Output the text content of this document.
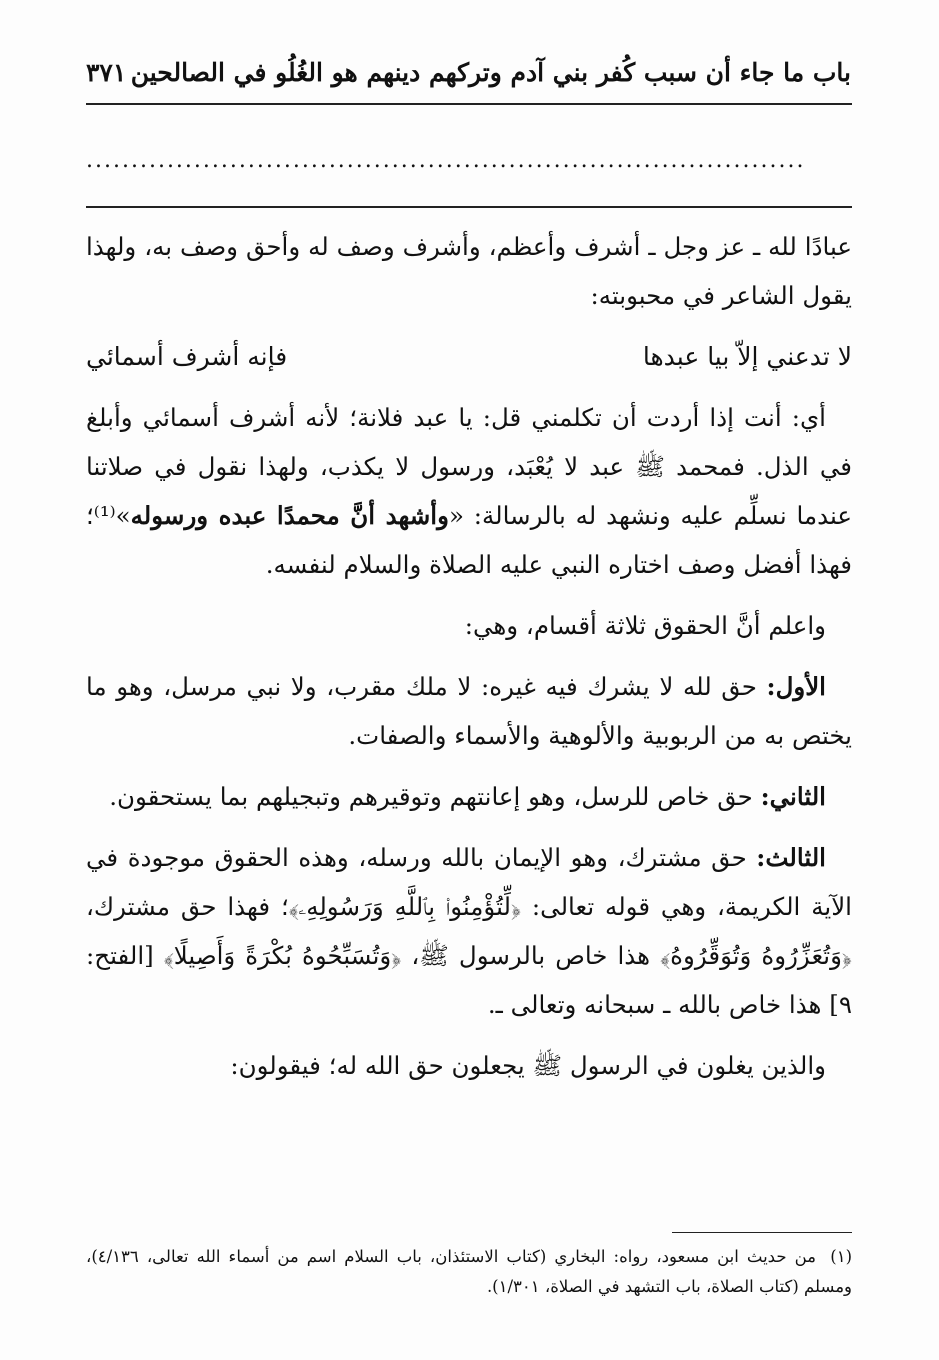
باب ما جاء أن سبب كُفر بني آدم وتركهم دينهم هو الغُلُو في الصالحين
٣٧١
................................................................................

عبادًا لله ـ عز وجل ـ أشرف وأعظم، وأشرف وصف له وأحق وصف به، ولهذا يقول الشاعر في محبوبته:

لا تدعني إلاّ بيا عبدها
فإنه أشرف أسمائي

أي: أنت إذا أردت أن تكلمني قل: يا عبد فلانة؛ لأنه أشرف أسمائي وأبلغ في الذل. فمحمد ﷺ عبد لا يُعْبَد، ورسول لا يكذب، ولهذا نقول في صلاتنا عندما نسلِّم عليه ونشهد له بالرسالة: «وأشهد أنَّ محمدًا عبده ورسوله»⁽¹⁾؛ فهذا أفضل وصف اختاره النبي عليه الصلاة والسلام لنفسه.

واعلم أنَّ الحقوق ثلاثة أقسام، وهي:

الأول: حق لله لا يشرك فيه غيره: لا ملك مقرب، ولا نبي مرسل، وهو ما يختص به من الربوبية والألوهية والأسماء والصفات.

الثاني: حق خاص للرسل، وهو إعانتهم وتوقيرهم وتبجيلهم بما يستحقون.

الثالث: حق مشترك، وهو الإيمان بالله ورسله، وهذه الحقوق موجودة في الآية الكريمة، وهي قوله تعالى: ﴿لِّتُؤْمِنُوا۟ بِٱللَّهِ وَرَسُولِهِۦ﴾؛ فهذا حق مشترك، ﴿وَتُعَزِّرُوهُ وَتُوَقِّرُوهُ﴾ هذا خاص بالرسول ﷺ، ﴿وَتُسَبِّحُوهُ بُكْرَةً وَأَصِيلًا﴾ [الفتح: ٩] هذا خاص بالله ـ سبحانه وتعالى ـ.

والذين يغلون في الرسول ﷺ يجعلون حق الله له؛ فيقولون:

(١)من حديث ابن مسعود، رواه: البخاري (كتاب الاستئذان، باب السلام اسم من أسماء الله تعالى، ٤/١٣٦)، ومسلم (كتاب الصلاة، باب التشهد في الصلاة، ١/٣٠١).
